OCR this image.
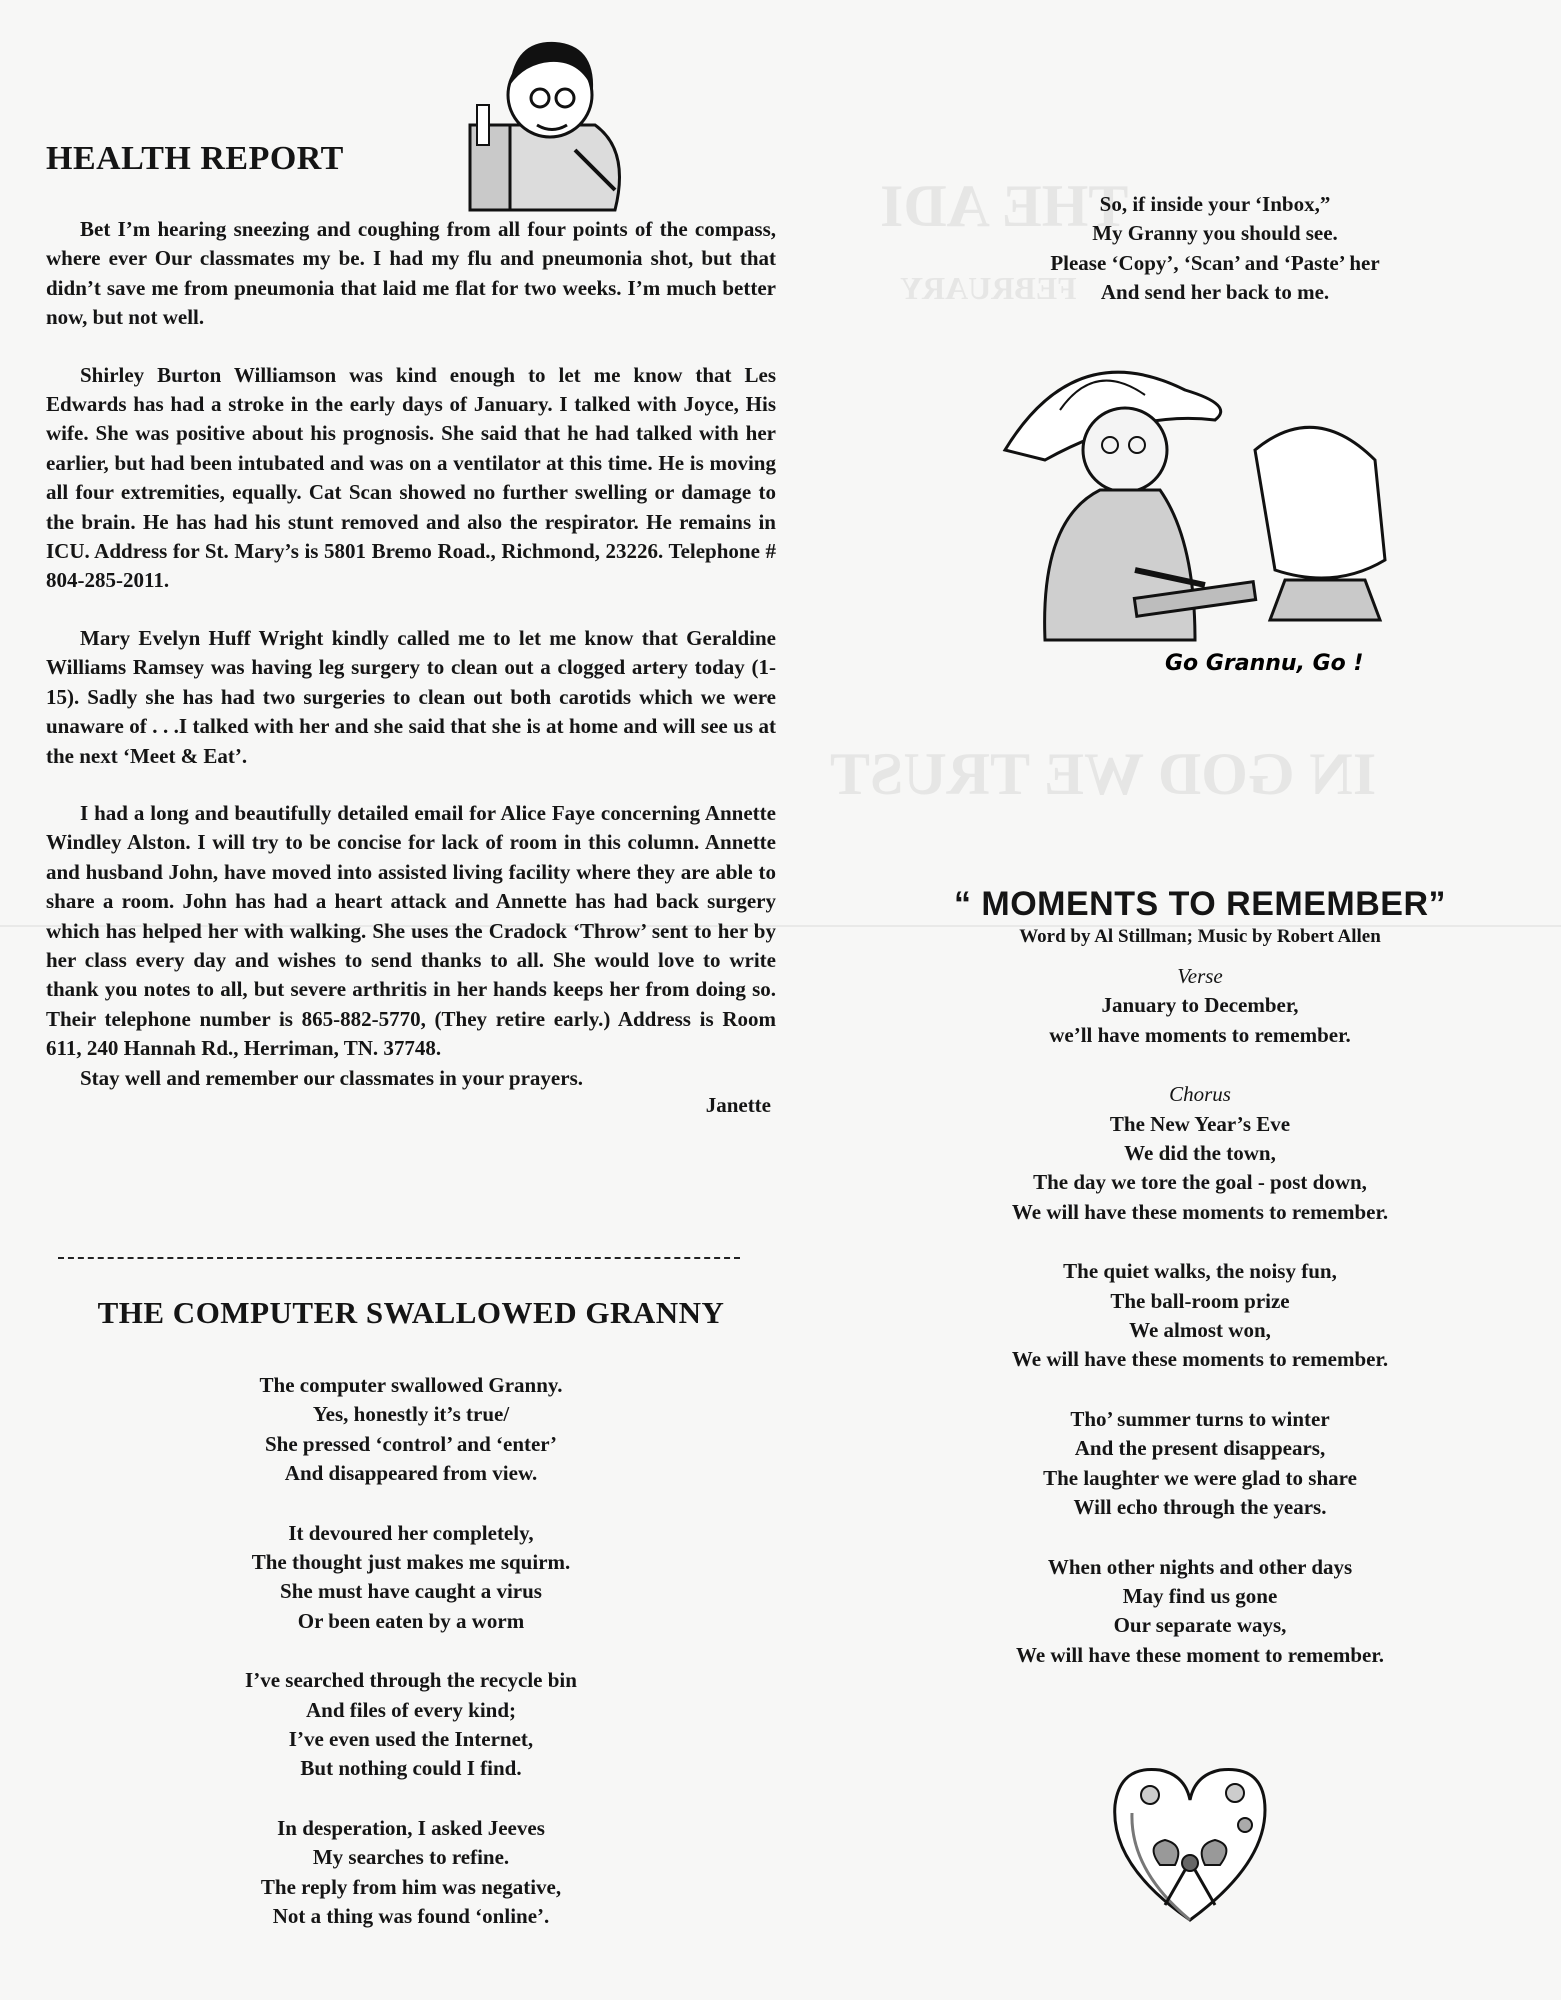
THE ADI
FEBRUARY
IN GOD WE TRUST
HEALTH REPORT

Bet I’m hearing sneezing and coughing from all four points of the compass, where ever Our classmates my be. I had my flu and pneumonia shot, but that didn’t save me from pneumonia that laid me flat for two weeks. I’m much better now, but not well.

Shirley Burton Williamson was kind enough to let me know that Les Edwards has had a stroke in the early days of January. I talked with Joyce, His wife. She was positive about his prognosis. She said that he had talked with her earlier, but had been intubated and was on a ventilator at this time. He is moving all four extremities, equally. Cat Scan showed no further swelling or damage to the brain. He has had his stunt removed and also the respirator. He remains in ICU. Address for St. Mary’s is 5801 Bremo Road., Richmond, 23226. Telephone # 804-285-2011.

Mary Evelyn Huff Wright kindly called me to let me know that Geraldine Williams Ramsey was having leg surgery to clean out a clogged artery today (1-15). Sadly she has had two surgeries to clean out both carotids which we were unaware of . . .I talked with her and she said that she is at home and will see us at the next ‘Meet & Eat’.

I had a long and beautifully detailed email for Alice Faye concerning Annette Windley Alston. I will try to be concise for lack of room in this column. Annette and husband John, have moved into assisted living facility where they are able to share a room. John has had a heart attack and Annette has had back surgery which has helped her with walking. She uses the Cradock ‘Throw’ sent to her by her class every day and wishes to send thanks to all. She would love to write thank you notes to all, but severe arthritis in her hands keeps her from doing so. Their telephone number is 865-882-5770, (They retire early.) Address is Room 611, 240 Hannah Rd., Herriman, TN. 37748.

Stay well and remember our classmates in your prayers.

Janette
THE COMPUTER SWALLOWED GRANNY
The computer swallowed Granny.
Yes, honestly it’s true/
She pressed ‘control’ and ‘enter’
And disappeared from view.
It devoured her completely,
The thought just makes me squirm.
She must have caught a virus
Or been eaten by a worm
I’ve searched through the recycle bin
And files of every kind;
I’ve even used the Internet,
But nothing could I find.
In desperation, I asked Jeeves
My searches to refine.
The reply from him was negative,
Not a thing was found ‘online’.
So, if inside your ‘Inbox,”
My Granny you should see.
Please ‘Copy’, ‘Scan’ and ‘Paste’ her
And send her back to me.
Go Grannu, Go !
“ MOMENTS TO REMEMBER”
Word by Al Stillman; Music by Robert Allen
Verse
January to December,
we’ll have moments to remember.
Chorus
The New Year’s Eve
We did the town,
The day we tore the goal - post down,
We will have these moments to remember.
The quiet walks, the noisy fun,
The ball-room prize
We almost won,
We will have these moments to remember.
Tho’ summer turns to winter
And the present disappears,
The laughter we were glad to share
Will echo through the years.
When other nights and other days
May find us gone
Our separate ways,
We will have these moment to remember.
